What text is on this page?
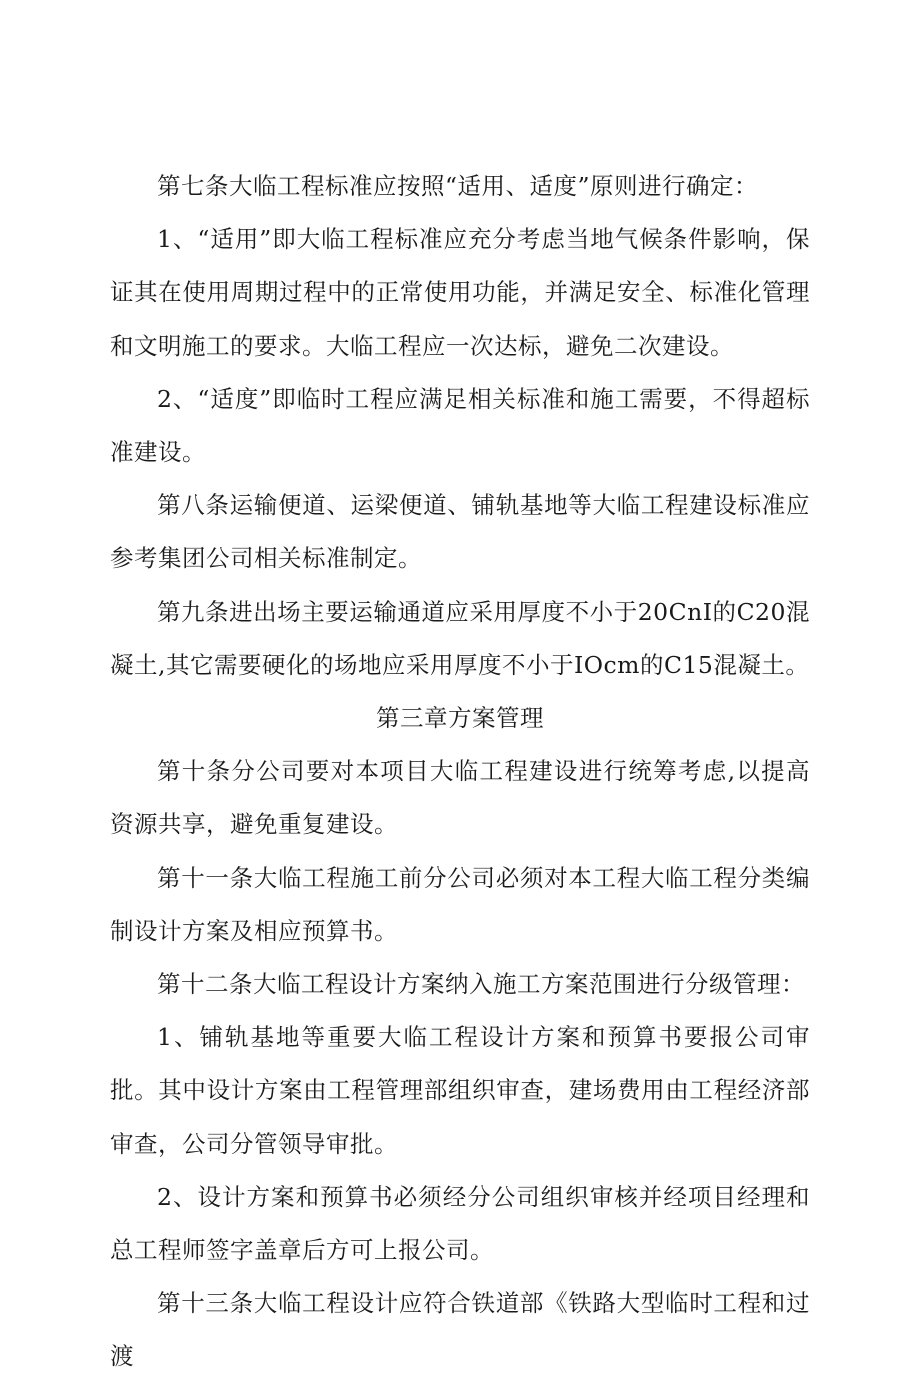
第七条大临工程标准应按照“适用、适度”原则进行确定：

1、“适用”即大临工程标准应充分考虑当地气候条件影响，保证其在使用周期过程中的正常使用功能，并满足安全、标准化管理和文明施工的要求。大临工程应一次达标，避免二次建设。

2、“适度”即临时工程应满足相关标准和施工需要，不得超标准建设。

第八条运输便道、运梁便道、铺轨基地等大临工程建设标准应参考集团公司相关标准制定。

第九条进出场主要运输通道应采用厚度不小于20CnI的C20混凝土,其它需要硬化的场地应采用厚度不小于IOcm的C15混凝土。

第三章方案管理

第十条分公司要对本项目大临工程建设进行统筹考虑,以提高资源共享，避免重复建设。

第十一条大临工程施工前分公司必须对本工程大临工程分类编制设计方案及相应预算书。

第十二条大临工程设计方案纳入施工方案范围进行分级管理：

1、铺轨基地等重要大临工程设计方案和预算书要报公司审批。其中设计方案由工程管理部组织审查，建场费用由工程经济部审查，公司分管领导审批。

2、设计方案和预算书必须经分公司组织审核并经项目经理和总工程师签字盖章后方可上报公司。

第十三条大临工程设计应符合铁道部《铁路大型临时工程和过渡
